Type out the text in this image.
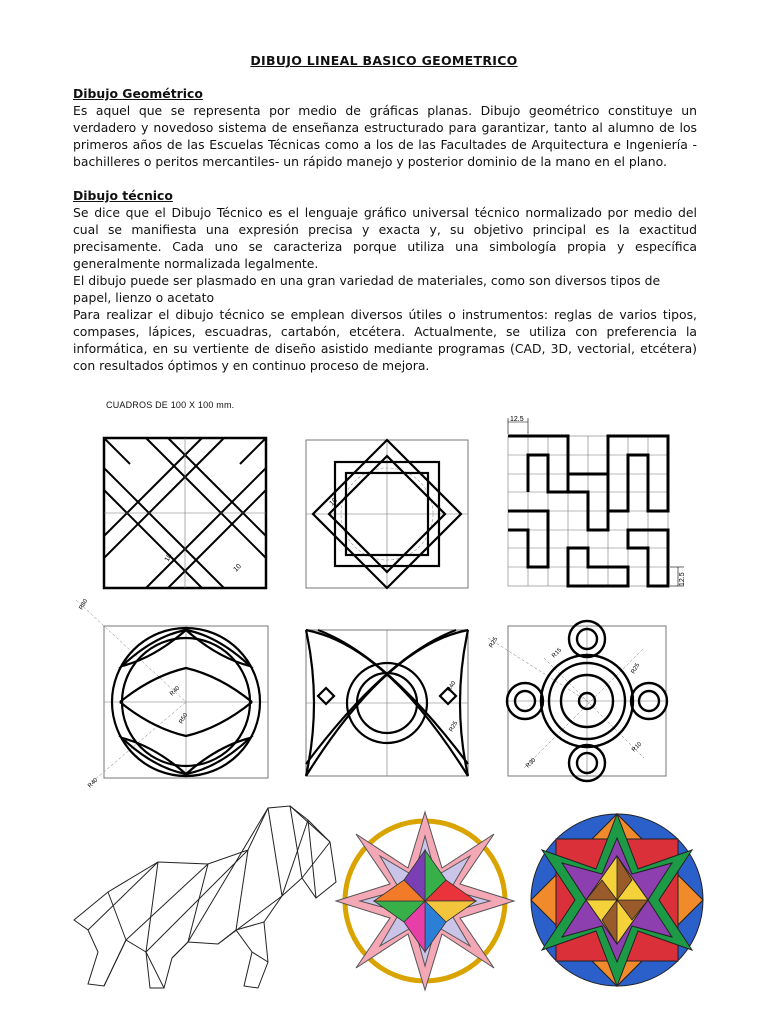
DIBUJO LINEAL BASICO GEOMETRICO
Dibujo Geométrico

Es aquel que se representa por medio de gráficas planas. Dibujo geométrico constituye un verdadero y novedoso sistema de enseñanza estructurado para garantizar, tanto al alumno de los primeros años de las Escuelas Técnicas como a los de las Facultades de Arquitectura e Ingeniería -bachilleres o peritos mercantiles- un rápido manejo y posterior dominio de la mano en el plano.

Dibujo técnico

Se dice que el Dibujo Técnico es el lenguaje gráfico universal técnico normalizado por medio del cual se manifiesta una expresión precisa y exacta y, su objetivo principal es la exactitud precisamente. Cada uno se caracteriza porque utiliza una simbología propia y específica generalmente normalizada legalmente.

El dibujo puede ser plasmado en una gran variedad de materiales, como son diversos tipos de papel, lienzo o acetato

Para realizar el dibujo técnico se emplean diversos útiles o instrumentos: reglas de varios tipos, compases, lápices, escuadras, cartabón, etcétera. Actualmente, se utiliza con preferencia la informática, en su vertiente de diseño asistido mediante programas (CAD, 3D, vectorial, etcétera) con resultados óptimos y en continuo proceso de mejora.

CUADROS DE 100 X 100 mm.
10
10
10
12.5
12.5
R80
R40
R50
R40
R40
R25
R25
R15
R25
R10
R30
